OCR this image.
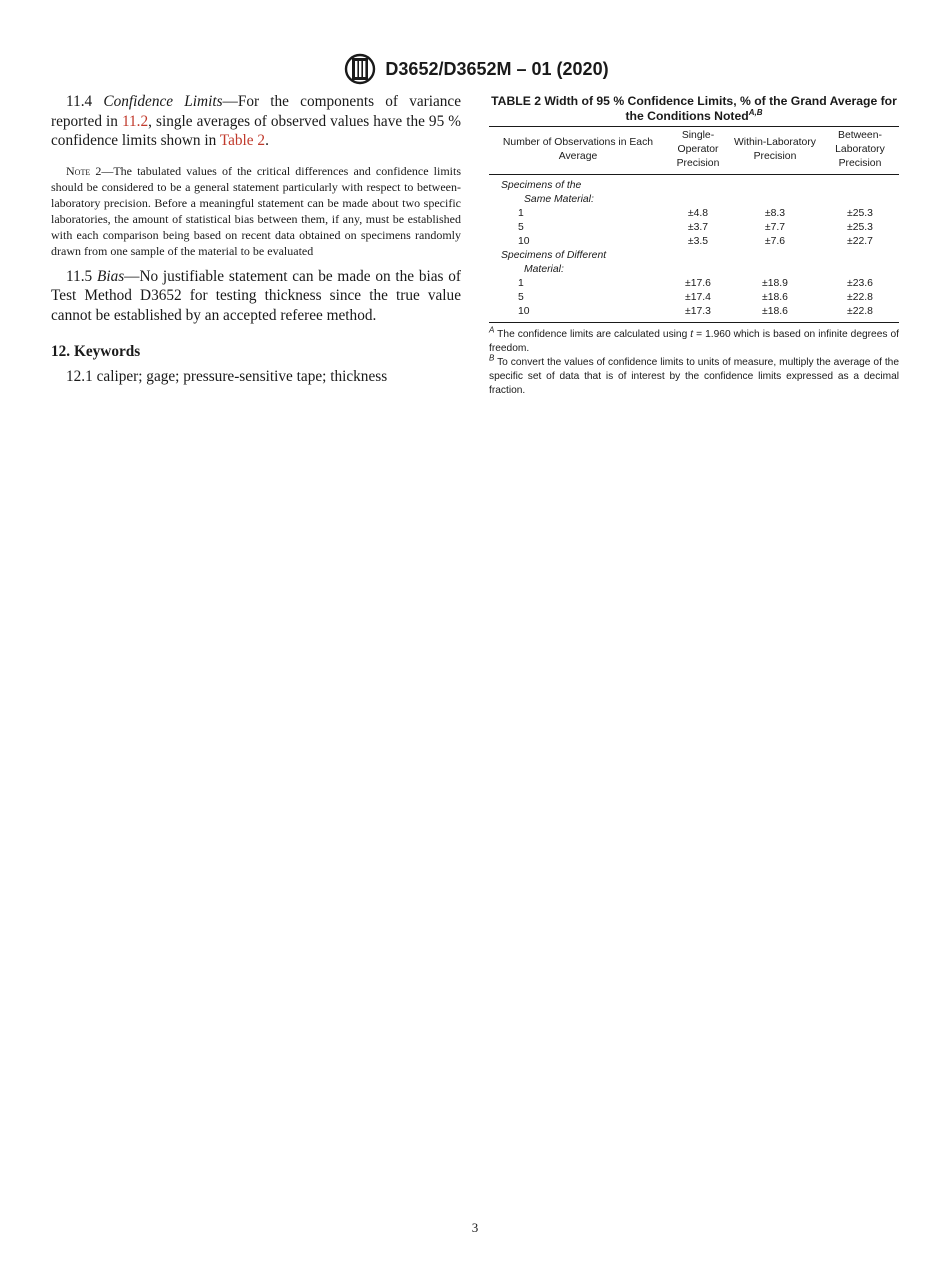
D3652/D3652M – 01 (2020)

11.4 Confidence Limits—For the components of variance reported in 11.2, single averages of observed values have the 95 % confidence limits shown in Table 2.

Note 2—The tabulated values of the critical differences and confidence limits should be considered to be a general statement particularly with respect to between-laboratory precision. Before a meaningful statement can be made about two specific laboratories, the amount of statistical bias between them, if any, must be established with each comparison being based on recent data obtained on specimens randomly drawn from one sample of the material to be evaluated

11.5 Bias—No justifiable statement can be made on the bias of Test Method D3652 for testing thickness since the true value cannot be established by an accepted referee method.

12. Keywords

12.1 caliper; gage; pressure-sensitive tape; thickness

TABLE 2 Width of 95 % Confidence Limits, % of the Grand Average for the Conditions Noted$^{A,B}$

Number of Observations in Each Average	Single-Operator Precision	Within-Laboratory Precision	Between-Laboratory Precision
Specimens of the			
Same Material:			
1	±4.8	±8.3	±25.3
5	±3.7	±7.7	±25.3
10	±3.5	±7.6	±22.7
Specimens of Different			
Material:			
1	±17.6	±18.9	±23.6
5	±17.4	±18.6	±22.8
10	±17.3	±18.6	±22.8

$^A$ The confidence limits are calculated using t = 1.960 which is based on infinite degrees of freedom.

$^B$ To convert the values of confidence limits to units of measure, multiply the average of the specific set of data that is of interest by the confidence limits expressed as a decimal fraction.

3
